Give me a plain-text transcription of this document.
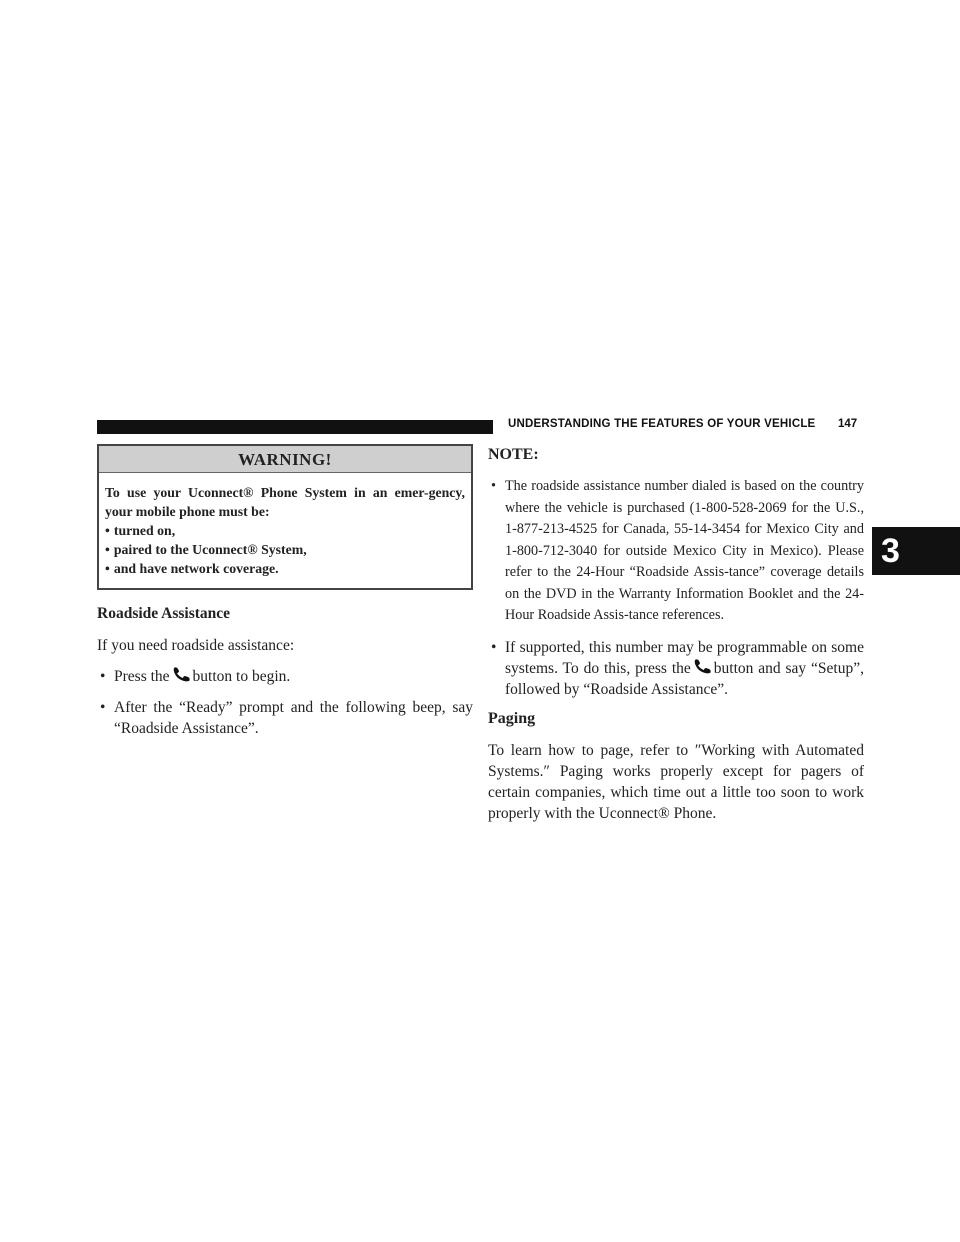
UNDERSTANDING THE FEATURES OF YOUR VEHICLE	147
3
WARNING!
To use your Uconnect® Phone System in an emer-gency, your mobile phone must be:
• turned on,
• paired to the Uconnect® System,
• and have network coverage.
Roadside Assistance

If you need roadside assistance:

• Press the button to begin.
• After the “Ready” prompt and the following beep, say “Roadside Assistance”.
NOTE:
• The roadside assistance number dialed is based on the country where the vehicle is purchased (1-800-528-2069 for the U.S., 1-877-213-4525 for Canada, 55-14-3454 for Mexico City and 1-800-712-3040 for outside Mexico City in Mexico). Please refer to the 24-Hour “Roadside Assis-tance” coverage details on the DVD in the Warranty Information Booklet and the 24-Hour Roadside Assis-tance references.
• If supported, this number may be programmable on some systems. To do this, press the button and say “Setup”, followed by “Roadside Assistance”.
Paging

To learn how to page, refer to ″Working with Automated Systems.″ Paging works properly except for pagers of certain companies, which time out a little too soon to work properly with the Uconnect® Phone.
